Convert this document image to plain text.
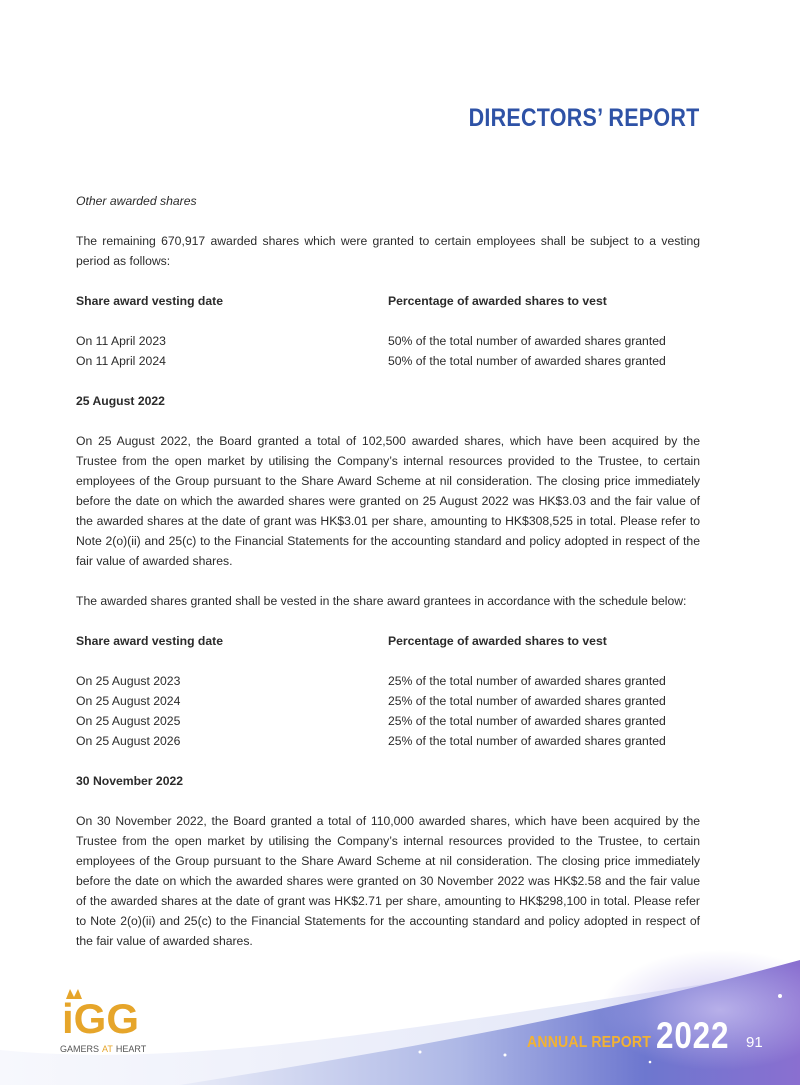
DIRECTORS’ REPORT
Other awarded shares

The remaining 670,917 awarded shares which were granted to certain employees shall be subject to a vesting period as follows:

Share award vesting date	Percentage of awarded shares to vest
On 11 April 2023	50% of the total number of awarded shares granted
On 11 April 2024	50% of the total number of awarded shares granted
25 August 2022

On 25 August 2022, the Board granted a total of 102,500 awarded shares, which have been acquired by the Trustee from the open market by utilising the Company’s internal resources provided to the Trustee, to certain employees of the Group pursuant to the Share Award Scheme at nil consideration. The closing price immediately before the date on which the awarded shares were granted on 25 August 2022 was HK$3.03 and the fair value of the awarded shares at the date of grant was HK$3.01 per share, amounting to HK$308,525 in total. Please refer to Note 2(o)(ii) and 25(c) to the Financial Statements for the accounting standard and policy adopted in respect of the fair value of awarded shares.

The awarded shares granted shall be vested in the share award grantees in accordance with the schedule below:

Share award vesting date	Percentage of awarded shares to vest
On 25 August 2023	25% of the total number of awarded shares granted
On 25 August 2024	25% of the total number of awarded shares granted
On 25 August 2025	25% of the total number of awarded shares granted
On 25 August 2026	25% of the total number of awarded shares granted
30 November 2022

On 30 November 2022, the Board granted a total of 110,000 awarded shares, which have been acquired by the Trustee from the open market by utilising the Company’s internal resources provided to the Trustee, to certain employees of the Group pursuant to the Share Award Scheme at nil consideration. The closing price immediately before the date on which the awarded shares were granted on 30 November 2022 was HK$2.58 and the fair value of the awarded shares at the date of grant was HK$2.71 per share, amounting to HK$298,100 in total. Please refer to Note 2(o)(ii) and 25(c) to the Financial Statements for the accounting standard and policy adopted in respect of the fair value of awarded shares.

iGG
GAMERS AT HEART	ANNUAL REPORT 2022 91
